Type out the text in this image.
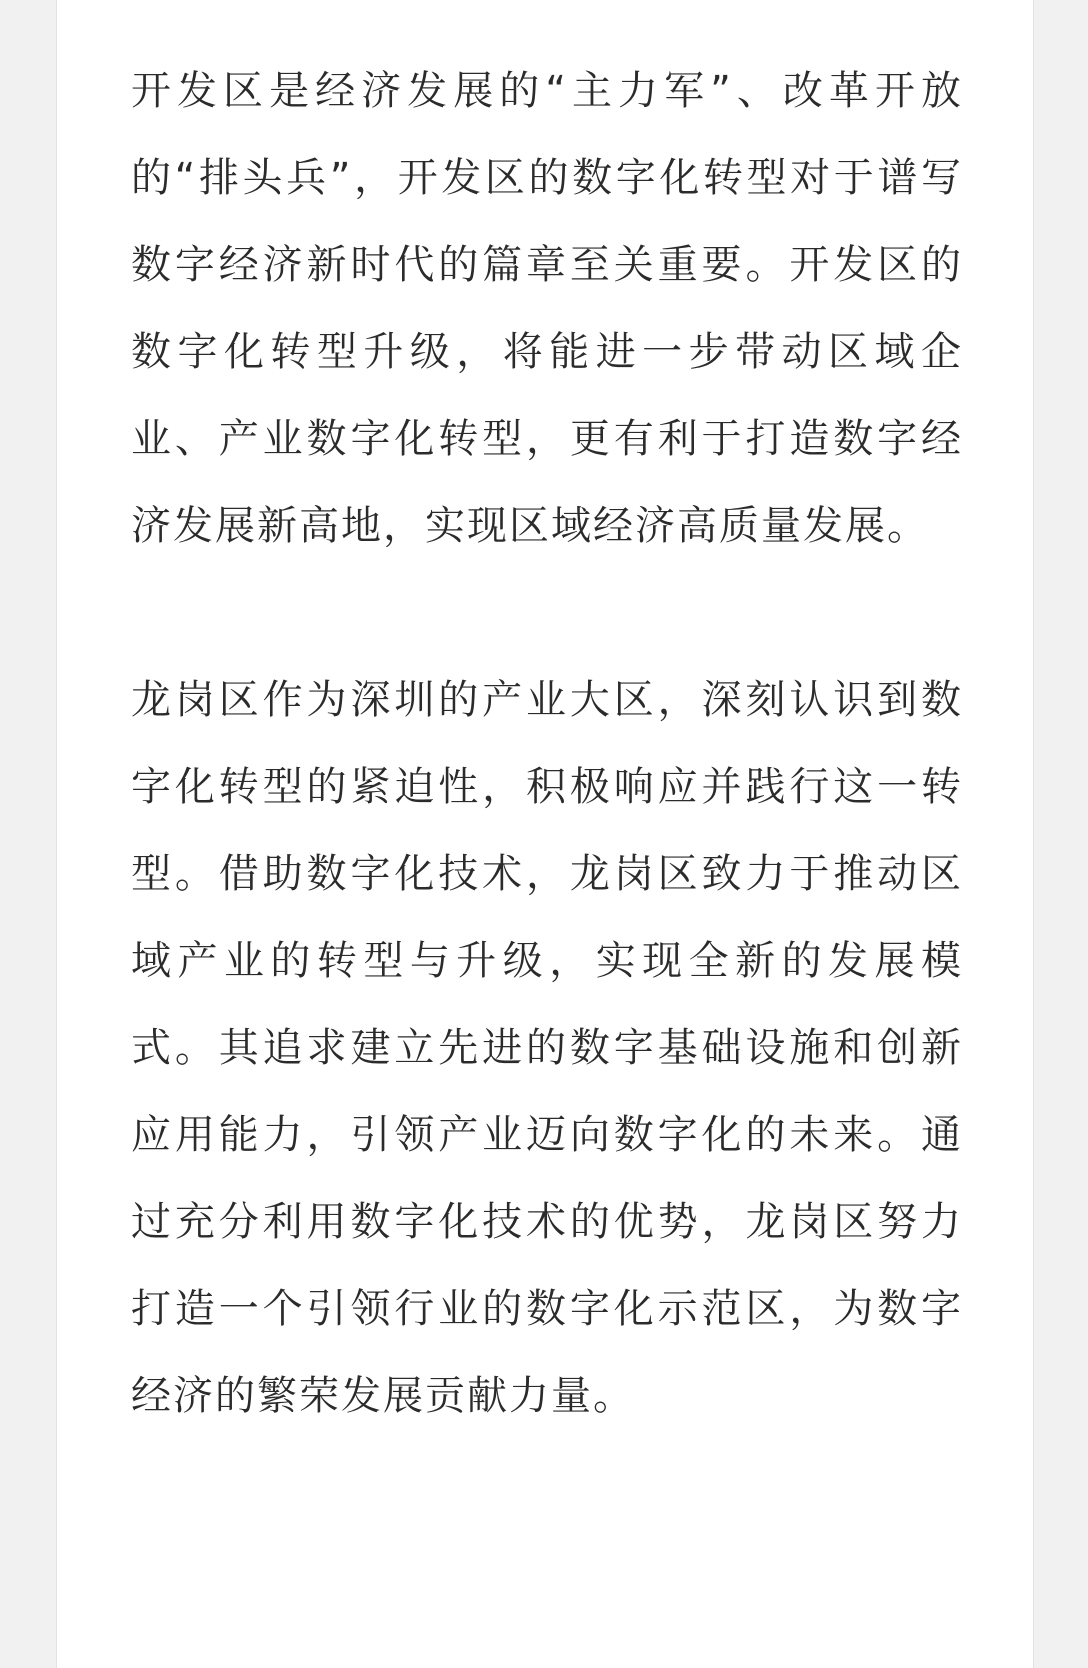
开发区是经济发展的“主力军”、改革开放的“排头兵”，开发区的数字化转型对于谱写数字经济新时代的篇章至关重要。开发区的数字化转型升级，将能进一步带动区域企业、产业数字化转型，更有利于打造数字经济发展新高地，实现区域经济高质量发展。

龙岗区作为深圳的产业大区，深刻认识到数字化转型的紧迫性，积极响应并践行这一转型。借助数字化技术，龙岗区致力于推动区域产业的转型与升级，实现全新的发展模式。其追求建立先进的数字基础设施和创新应用能力，引领产业迈向数字化的未来。通过充分利用数字化技术的优势，龙岗区努力打造一个引领行业的数字化示范区，为数字经济的繁荣发展贡献力量。
